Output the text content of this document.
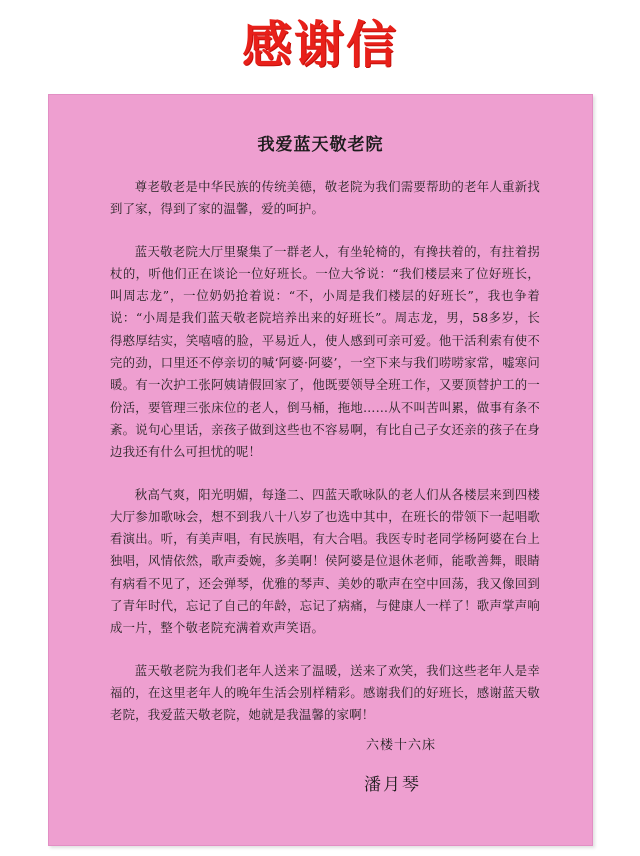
感谢信
我爱蓝天敬老院

尊老敬老是中华民族的传统美德，敬老院为我们需要帮助的老年人重新找到了家，得到了家的温馨，爱的呵护。

蓝天敬老院大厅里聚集了一群老人，有坐轮椅的，有搀扶着的，有拄着拐杖的，听他们正在谈论一位好班长。一位大爷说：“我们楼层来了位好班长，叫周志龙”，一位奶奶抢着说：“不，小周是我们楼层的好班长”，我也争着说：“小周是我们蓝天敬老院培养出来的好班长”。周志龙，男，58多岁，长得憨厚结实，笑嘻嘻的脸，平易近人，使人感到可亲可爱。他干活利索有使不完的劲，口里还不停亲切的喊‘阿婆·阿婆’，一空下来与我们唠唠家常，嘘寒问暖。有一次护工张阿姨请假回家了，他既要领导全班工作，又要顶替护工的一份活，要管理三张床位的老人，倒马桶，拖地……从不叫苦叫累，做事有条不紊。说句心里话，亲孩子做到这些也不容易啊，有比自己子女还亲的孩子在身边我还有什么可担忧的呢！

秋高气爽，阳光明媚，每逢二、四蓝天歌咏队的老人们从各楼层来到四楼大厅参加歌咏会，想不到我八十八岁了也选中其中，在班长的带领下一起唱歌看演出。听，有美声唱，有民族唱，有大合唱。我医专时老同学杨阿婆在台上独唱，风情依然，歌声委婉，多美啊！侯阿婆是位退休老师，能歌善舞，眼睛有病看不见了，还会弹琴，优雅的琴声、美妙的歌声在空中回荡，我又像回到了青年时代，忘记了自己的年龄，忘记了病痛，与健康人一样了！歌声掌声响成一片，整个敬老院充满着欢声笑语。

蓝天敬老院为我们老年人送来了温暖，送来了欢笑，我们这些老年人是幸福的，在这里老年人的晚年生活会别样精彩。感谢我们的好班长，感谢蓝天敬老院，我爱蓝天敬老院，她就是我温馨的家啊！

六楼十六床
潘月琴
